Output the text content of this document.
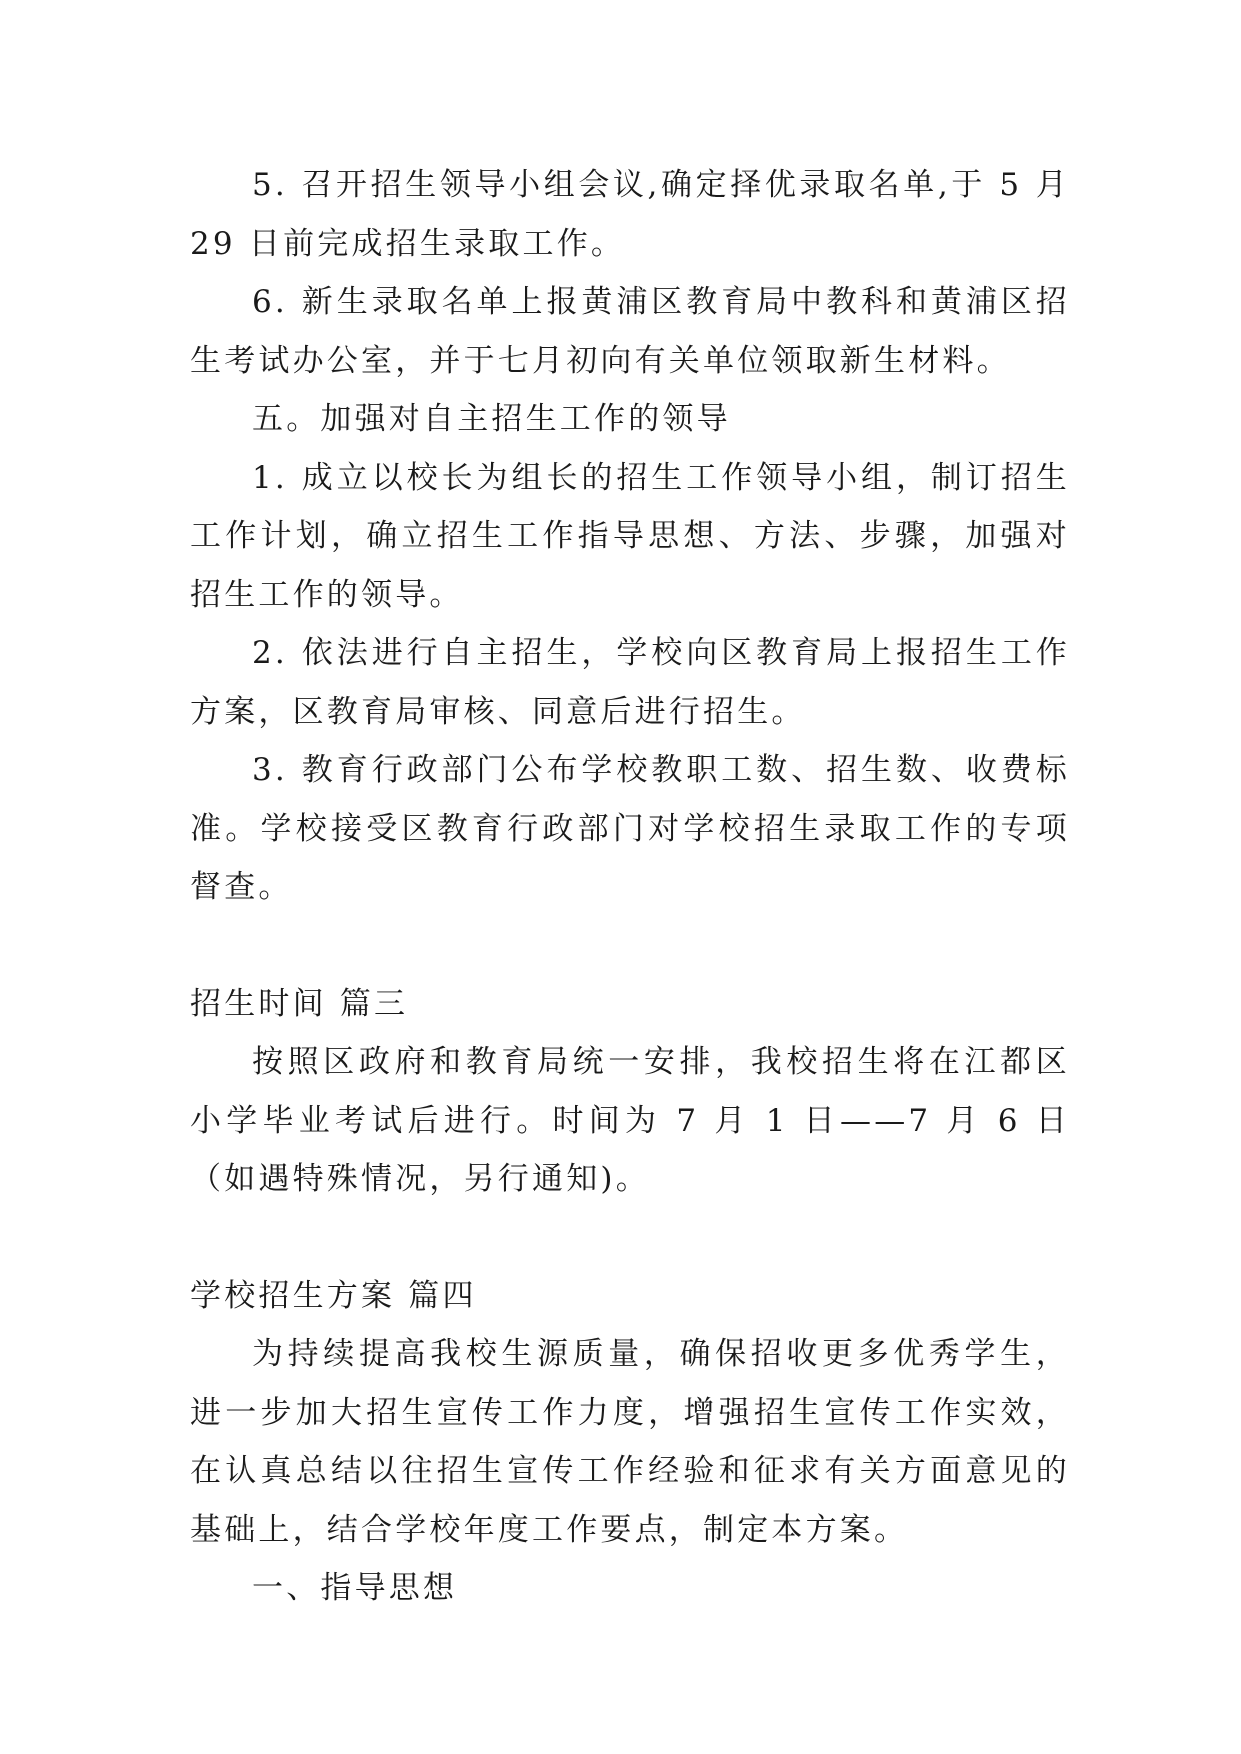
5. 召开招生领导小组会议,确定择优录取名单,于 5 月 29 日前完成招生录取工作。

6. 新生录取名单上报黄浦区教育局中教科和黄浦区招生考试办公室，并于七月初向有关单位领取新生材料。

五。加强对自主招生工作的领导

1. 成立以校长为组长的招生工作领导小组，制订招生工作计划，确立招生工作指导思想、方法、步骤，加强对招生工作的领导。

2. 依法进行自主招生，学校向区教育局上报招生工作方案，区教育局审核、同意后进行招生。

3. 教育行政部门公布学校教职工数、招生数、收费标准。学校接受区教育行政部门对学校招生录取工作的专项督查。

招生时间 篇三

按照区政府和教育局统一安排，我校招生将在江都区小学毕业考试后进行。时间为 7 月 1 日——7 月 6 日（如遇特殊情况，另行通知)。

学校招生方案 篇四

为持续提高我校生源质量，确保招收更多优秀学生，进一步加大招生宣传工作力度，增强招生宣传工作实效，在认真总结以往招生宣传工作经验和征求有关方面意见的基础上，结合学校年度工作要点，制定本方案。

一、指导思想
